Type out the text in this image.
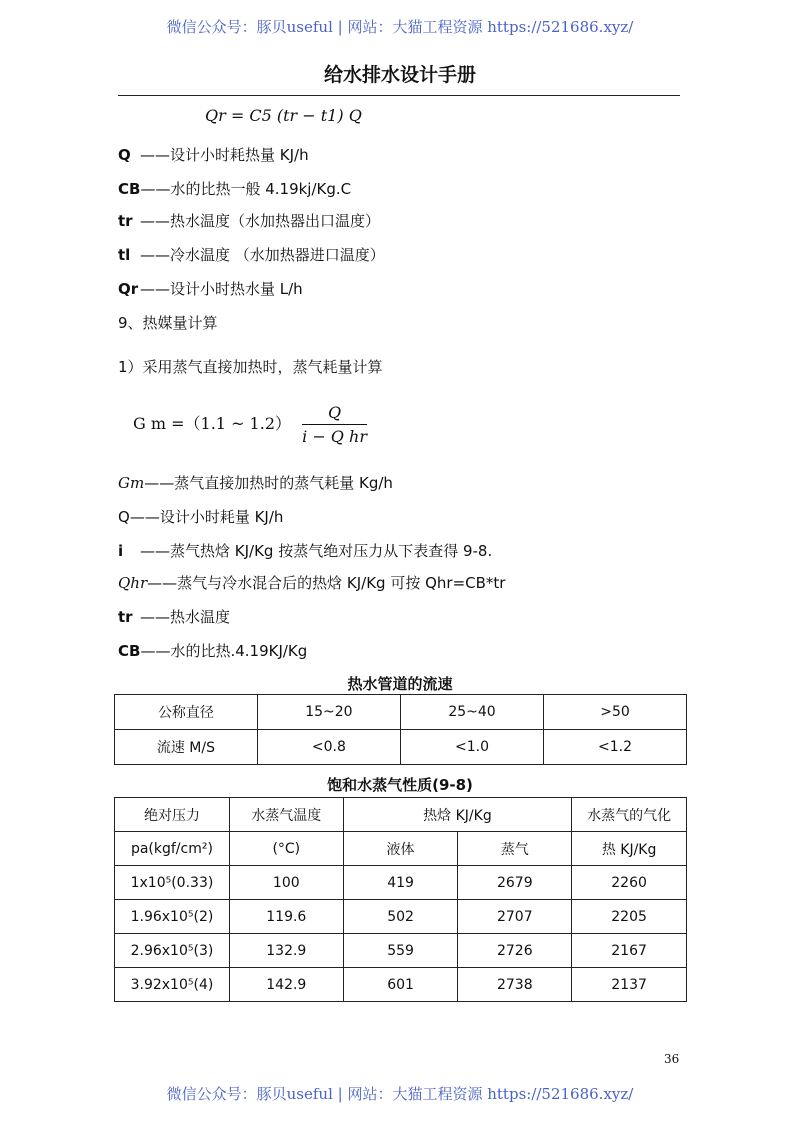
微信公众号：豚贝useful | 网站：大猫工程资源 https://521686.xyz/
给水排水设计手册
Qr = C5 (tr − t1) Q
Q ——设计小时耗热量 KJ/h
CB——水的比热一般 4.19kj/Kg.C
tr ——热水温度（水加热器出口温度）
tl ——冷水温度 （水加热器进口温度）
Qr ——设计小时热水量 L/h
9、热媒量计算
1）采用蒸气直接加热时，蒸气耗量计算
G m =（1.1 ~ $1.2) \frac{Q}{\text{i − Q hr}}$
Gm——蒸气直接加热时的蒸气耗量 Kg/h
Q——设计小时耗量 KJ/h
i ——蒸气热焓 KJ/Kg 按蒸气绝对压力从下表查得 9-8.
Qhr——蒸气与冷水混合后的热焓 KJ/Kg 可按 Qhr=CB*tr
tr ——热水温度
CB——水的比热.4.19KJ/Kg
热水管道的流速
公称直径	15~20	25~40	>50
流速 M/S	<0.8	<1.0	<1.2
饱和水蒸气性质(9-8)
绝对压力	水蒸气温度	热焓 KJ/Kg		水蒸气的气化
pa(kgf/cm²)	(°C)	液体	蒸气	热 KJ/Kg
1x10⁵(0.33)	100	419	2679	2260
1.96x10⁵(2)	119.6	502	2707	2205
2.96x10⁵(3)	132.9	559	2726	2167
3.92x10⁵(4)	142.9	601	2738	2137
36
微信公众号：豚贝useful | 网站：大猫工程资源 https://521686.xyz/
